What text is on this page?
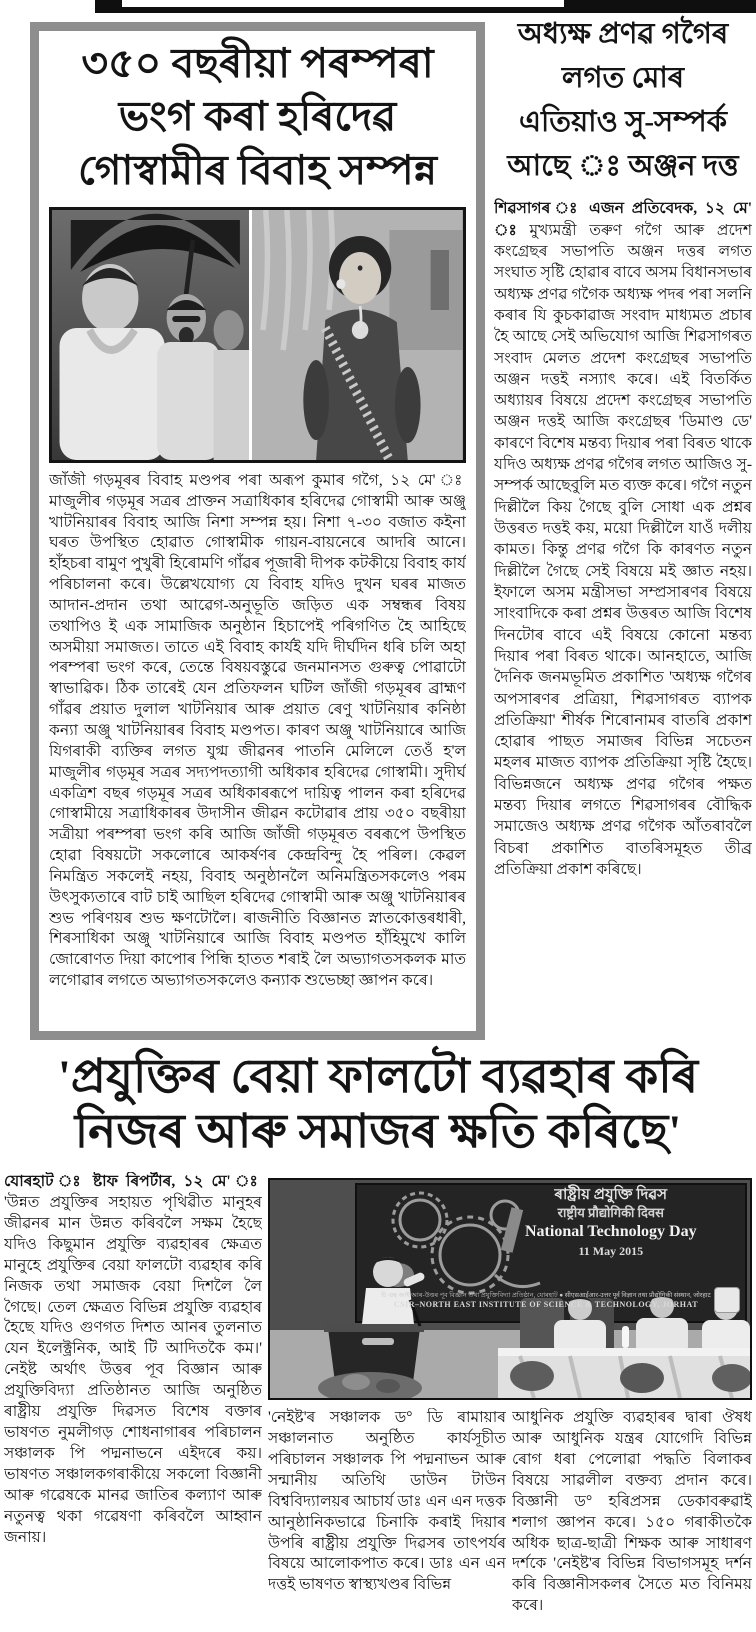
৩৫০ বছৰীয়া পৰম্পৰা
ভংগ কৰা হৰিদেৱ
গোস্বামীৰ বিবাহ সম্পন্ন
জাঁজী গড়মূৰৰ বিবাহ মণ্ডপৰ পৰা অৰূপ কুমাৰ গগৈ, ১২ মে' ঃ মাজুলীৰ গড়মূৰ সত্ৰৰ প্ৰাক্তন সত্ৰাধিকাৰ হৰিদেৱ গোস্বামী আৰু অঞ্জু খাটনিয়াৰৰ বিবাহ আজি নিশা সম্পন্ন হয়। নিশা ৭-৩০ বজাত কইনা ঘৰত উপস্থিত হোৱাত গোস্বামীক গায়ন-বায়নেৰে আদৰি আনে। হাঁহচৰা বামুণ পুখুৰী হিৰোমণি গাঁৱৰ পূজাৰী দীপক কটকীয়ে বিবাহ কাৰ্য পৰিচালনা কৰে। উল্লেখযোগ্য যে বিবাহ যদিও দুখন ঘৰৰ মাজত আদান-প্ৰদান তথা আৱেগ-অনুভূতি জড়িত এক সম্বন্ধৰ বিষয় তথাপিও ই এক সামাজিক অনুষ্ঠান হিচাপেই পৰিগণিত হৈ আহিছে অসমীয়া সমাজত। তাতে এই বিবাহ কাৰ্যই যদি দীৰ্ঘদিন ধৰি চলি অহা পৰম্পৰা ভংগ কৰে, তেন্তে বিষয়বস্তুৱে জনমানসত গুৰুত্ব পোৱাটো স্বাভাৱিক। ঠিক তাৰেই যেন প্ৰতিফলন ঘটিল জাঁজী গড়মূৰৰ ব্ৰাহ্মণ গাঁৱৰ প্ৰয়াত দুলাল খাটনিয়াৰ আৰু প্ৰয়াত ৰেণু খাটনিয়াৰ কনিষ্ঠা কন্যা অঞ্জু খাটনিয়াৰৰ বিবাহ মণ্ডপত। কাৰণ অঞ্জু খাটনিয়াৰে আজি যিগৰাকী ব্যক্তিৰ লগত যুগ্ম জীৱনৰ পাতনি মেলিলে তেওঁ হ'ল মাজুলীৰ গড়মূৰ সত্ৰৰ সদ্যপদত্যাগী অধিকাৰ হৰিদেৱ গোস্বামী। সুদীৰ্ঘ একত্ৰিশ বছৰ গড়মূৰ সত্ৰৰ অধিকাৰৰূপে দায়িত্ব পালন কৰা হৰিদেৱ গোস্বামীয়ে সত্ৰাধিকাৰৰ উদাসীন জীৱন কটোৱাৰ প্ৰায় ৩৫০ বছৰীয়া সত্ৰীয়া পৰম্পৰা ভংগ কৰি আজি জাঁজী গড়মূৰত বৰৰূপে উপস্থিত হোৱা বিষয়টো সকলোৰে আকৰ্ষণৰ কেন্দ্ৰবিন্দু হৈ পৰিল। কেৱল নিমন্ত্ৰিত সকলেই নহয়, বিবাহ অনুষ্ঠানলৈ অনিমন্ত্ৰিতসকলেও পৰম উৎসুক্যতাৰে বাট চাই আছিল হৰিদেৱ গোস্বামী আৰু অঞ্জু খাটনিয়াৰৰ শুভ পৰিণয়ৰ শুভ ক্ষণটোলৈ। ৰাজনীতি বিজ্ঞানত স্নাতকোত্তৰধাৰী, শিৰসাধিকা অঞ্জু খাটনিয়াৰে আজি বিবাহ মণ্ডপত হাঁহিমুখে কালি জোৰোণত দিয়া কাপোৰ পিন্ধি হাতত শৰাই লৈ অভ্যাগতসকলক মাত লগোৱাৰ লগতে অভ্যাগতসকলেও কন্যাক শুভেচ্ছা জ্ঞাপন কৰে।
অধ্যক্ষ প্ৰণৱ গগৈৰ
লগত মোৰ
এতিয়াও সু-সম্পৰ্ক
আছে ঃ অঞ্জন দত্ত
শিৱসাগৰ ঃ এজন প্ৰতিবেদক, ১২ মে' ঃ মুখ্যমন্ত্ৰী তৰুণ গগৈ আৰু প্ৰদেশ কংগ্ৰেছৰ সভাপতি অঞ্জন দত্তৰ লগত সংঘাত সৃষ্টি হোৱাৰ বাবে অসম বিধানসভাৰ অধ্যক্ষ প্ৰণৱ গগৈক অধ্যক্ষ পদৰ পৰা সলনি কৰাৰ যি কুচকাৱাজ সংবাদ মাধ্যমত প্ৰচাৰ হৈ আছে সেই অভিযোগ আজি শিৱসাগৰত সংবাদ মেলত প্ৰদেশ কংগ্ৰেছৰ সভাপতি অঞ্জন দত্তই নস্যাৎ কৰে। এই বিতৰ্কিত অধ্যায়ৰ বিষয়ে প্ৰদেশ কংগ্ৰেছৰ সভাপতি অঞ্জন দত্তই আজি কংগ্ৰেছৰ 'ডিমাণ্ড ডে' কাৰণে বিশেষ মন্তব্য দিয়াৰ পৰা বিৰত থাকে যদিও অধ্যক্ষ প্ৰণৱ গগৈৰ লগত আজিও সু-সম্পৰ্ক আছেবুলি মত ব্যক্ত কৰে। গগৈ নতুন দিল্লীলৈ কিয় গৈছে বুলি সোধা এক প্ৰশ্নৰ উত্তৰত দত্তই কয়, ময়ো দিল্লীলৈ যাওঁ দলীয় কামত। কিন্তু প্ৰণৱ গগৈ কি কাৰণত নতুন দিল্লীলৈ গৈছে সেই বিষয়ে মই জ্ঞাত নহয়। ইফালে অসম মন্ত্ৰীসভা সম্প্ৰসাৰণৰ বিষয়ে সাংবাদিকে কৰা প্ৰশ্নৰ উত্তৰত আজি বিশেষ দিনটোৰ বাবে এই বিষয়ে কোনো মন্তব্য দিয়াৰ পৰা বিৰত থাকে। আনহাতে, আজি দৈনিক জনমভূমিত প্ৰকাশিত 'অধ্যক্ষ গগৈৰ অপসাৰণৰ প্ৰত্ৰিয়া, শিৱসাগৰত ব্যাপক প্ৰতিক্ৰিয়া' শীৰ্ষক শিৰোনামৰ বাতৰি প্ৰকাশ হোৱাৰ পাছত সমাজৰ বিভিন্ন সচেতন মহলৰ মাজত ব্যাপক প্ৰতিক্ৰিয়া সৃষ্টি হৈছে। বিভিন্নজনে অধ্যক্ষ প্ৰণৱ গগৈৰ পক্ষত মন্তব্য দিয়াৰ লগতে শিৱসাগৰৰ বৌদ্ধিক সমাজেও অধ্যক্ষ প্ৰণৱ গগৈক আঁতৰাবলৈ বিচৰা প্ৰকাশিত বাতৰিসমূহত তীব্ৰ প্ৰতিক্ৰিয়া প্ৰকাশ কৰিছে।
'প্ৰযুক্তিৰ বেয়া ফালটো ব্যৱহাৰ কৰি
নিজৰ আৰু সমাজৰ ক্ষতি কৰিছে'
যোৰহাট ঃ ষ্টাফ ৰিপৰ্টাৰ, ১২ মে' ঃ 'উন্নত প্ৰযুক্তিৰ সহায়ত পৃথিৱীত মানুহৰ জীৱনৰ মান উন্নত কৰিবলৈ সক্ষম হৈছে যদিও কিছুমান প্ৰযুক্তি ব্যৱহাৰৰ ক্ষেত্ৰত মানুহে প্ৰযুক্তিৰ বেয়া ফালটো ব্যৱহাৰ কৰি নিজক তথা সমাজক বেয়া দিশলৈ লৈ গৈছে। তেল ক্ষেত্ৰত বিভিন্ন প্ৰযুক্তি ব্যৱহাৰ হৈছে যদিও গুণগত দিশত আনৰ তুলনাত যেন ইলেক্ট্ৰনিক, আই টি আদিতকৈ কম।' নেইষ্ট অৰ্থাৎ উত্তৰ পূব বিজ্ঞান আৰু প্ৰযুক্তিবিদ্যা প্ৰতিষ্ঠানত আজি অনুষ্ঠিত ৰাষ্ট্ৰীয় প্ৰযুক্তি দিৱসত বিশেষ বক্তাৰ ভাষণত নুমলীগড় শোধনাগাৰৰ পৰিচালন সঞ্চালক পি পদ্মনাভনে এইদৰে কয়। ভাষণত সঞ্চালকগৰাকীয়ে সকলো বিজ্ঞানী আৰু গৱেষকে মানৱ জাতিৰ কল্যাণ আৰু নতুনত্ব থকা গৱেষণা কৰিবলৈ আহ্বান জনায়।
ৰাষ্ট্ৰীয় প্ৰযুক্তি দিৱস
राष्ट्रीय प्रौद्योगिकी दिवस
National Technology Day
11 May 2015
চি এছ আই আৰ-উত্তৰ পূব বিজ্ঞান তথা প্ৰযুক্তিবিদ্যা প্ৰতিষ্ঠান, যোৰহাট ● सीएसआईआर-उत्तर पूर्व विज्ञान तथा प्रौद्योगिकी संस्थान, जोरहाट
CSIR–NORTH EAST INSTITUTE OF SCIENCE & TECHNOLOGY, JORHAT
'নেইষ্ট'ৰ সঞ্চালক ড° ডি ৰামায়াৰ সঞ্চালনাত অনুষ্ঠিত কাৰ্যসূচীত পৰিচালন সঞ্চালক পি পদ্মনাভন আৰু সন্মানীয় অতিথি ডাউন টাউন বিশ্ববিদ্যালয়ৰ আচাৰ্য ডাঃ এন এন দত্তক আনুষ্ঠানিকভাৱে চিনাকি কৰাই দিয়াৰ উপৰি ৰাষ্ট্ৰীয় প্ৰযুক্তি দিৱসৰ তাৎপৰ্যৰ বিষয়ে আলোকপাত কৰে। ডাঃ এন এন দত্তই ভাষণত স্বাস্থ্যখণ্ডৰ বিভিন্ন
আধুনিক প্ৰযুক্তি ব্যৱহাৰৰ দ্বাৰা ঔষধ আৰু আধুনিক যন্ত্ৰৰ যোগেদি বিভিন্ন ৰোগ ধৰা পেলোৱা পদ্ধতি বিলাকৰ বিষয়ে সাৱলীল বক্তব্য প্ৰদান কৰে। বিজ্ঞানী ড° হৰিপ্ৰসন্ন ডেকাবৰুৱাই শলাগ জ্ঞাপন কৰে। ১৫০ গৰাকীতকৈ অধিক ছাত্ৰ-ছাত্ৰী শিক্ষক আৰু সাধাৰণ দৰ্শকে 'নেইষ্ট'ৰ বিভিন্ন বিভাগসমূহ দৰ্শন কৰি বিজ্ঞানীসকলৰ সৈতে মত বিনিময় কৰে।
